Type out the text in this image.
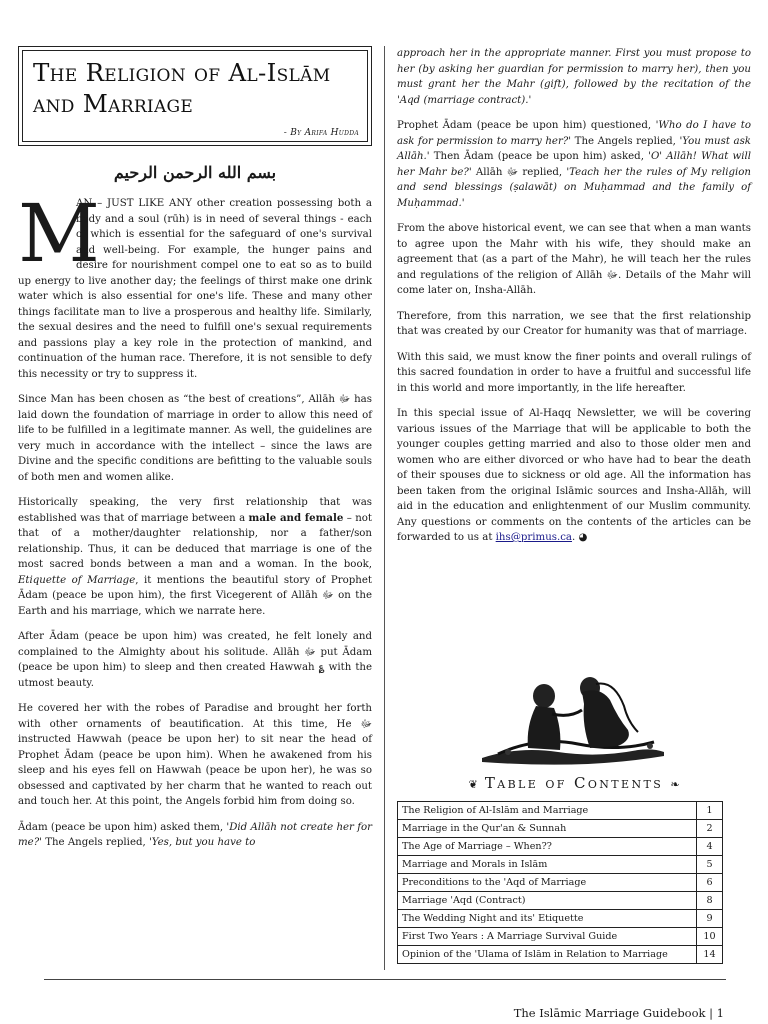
The Religion of Al-Islām and Marriage
- By Arifa Hudda
بسم الله الرحمن الرحيم
M
AN – JUST LIKE ANY other creation possessing both a body and a soul (rūh) is in need of several things - each of which is essential for the safeguard of one's survival and well-being. For example, the hunger pains and desire for nourishment compel one to eat so as to build up energy to live another day; the feelings of thirst make one drink water which is also essential for one's life. These and many other things facilitate man to live a prosperous and healthy life. Similarly, the sexual desires and the need to fulfill one's sexual requirements and passions play a key role in the protection of mankind, and continuation of the human race. Therefore, it is not sensible to defy this necessity or try to suppress it.
Since Man has been chosen as “the best of creations”, Allāh ﷻ has laid down the foundation of marriage in order to allow this need of life to be fulfilled in a legitimate manner. As well, the guidelines are very much in accordance with the intellect – since the laws are Divine and the specific conditions are befitting to the valuable souls of both men and women alike.
Historically speaking, the very first relationship that was established was that of marriage between a male and female – not that of a mother/daughter relationship, nor a father/son relationship. Thus, it can be deduced that marriage is one of the most sacred bonds between a man and a woman. In the book, Etiquette of Marriage, it mentions the beautiful story of Prophet Ādam (peace be upon him), the first Vicegerent of Allāh ﷻ on the Earth and his marriage, which we narrate here.
After Ādam (peace be upon him) was created, he felt lonely and complained to the Almighty about his solitude. Allāh ﷻ put Ādam (peace be upon him) to sleep and then created Hawwah ؏ with the utmost beauty.
He covered her with the robes of Paradise and brought her forth with other ornaments of beautification. At this time, He ﷻ instructed Hawwah (peace be upon her) to sit near the head of Prophet Ādam (peace be upon him). When he awakened from his sleep and his eyes fell on Hawwah (peace be upon her), he was so obsessed and captivated by her charm that he wanted to reach out and touch her. At this point, the Angels forbid him from doing so.
Ādam (peace be upon him) asked them, 'Did Allāh not create her for me?' The Angels replied, 'Yes, but you have to
approach her in the appropriate manner. First you must propose to her (by asking her guardian for permission to marry her), then you must grant her the Mahr (gift), followed by the recitation of the 'Aqd (marriage contract).'
Prophet Ādam (peace be upon him) questioned, 'Who do I have to ask for permission to marry her?' The Angels replied, 'You must ask Allāh.' Then Ādam (peace be upon him) asked, 'O' Allāh! What will her Mahr be?' Allāh ﷻ replied, 'Teach her the rules of My religion and send blessings (ṣalawāt) on Muḥammad and the family of Muḥammad.'
From the above historical event, we can see that when a man wants to agree upon the Mahr with his wife, they should make an agreement that (as a part of the Mahr), he will teach her the rules and regulations of the religion of Allāh ﷻ. Details of the Mahr will come later on, Insha-Allāh.
Therefore, from this narration, we see that the first relationship that was created by our Creator for humanity was that of marriage.
With this said, we must know the finer points and overall rulings of this sacred foundation in order to have a fruitful and successful life in this world and more importantly, in the life hereafter.
In this special issue of Al-Haqq Newsletter, we will be covering various issues of the Marriage that will be applicable to both the younger couples getting married and also to those older men and women who are either divorced or who have had to bear the death of their spouses due to sickness or old age. All the information has been taken from the original Islāmic sources and Insha-Allāh, will aid in the education and enlightenment of our Muslim community. Any questions or comments on the contents of the articles can be forwarded to us at ihs@primus.ca. ◕
❦ Table of Contents ❧
The Religion of Al-Islām and Marriage	1
Marriage in the Qur'an & Sunnah	2
The Age of Marriage – When??	4
Marriage and Morals in Islām	5
Preconditions to the 'Aqd of Marriage	6
Marriage 'Aqd (Contract)	8
The Wedding Night and its' Etiquette	9
First Two Years : A Marriage Survival Guide	10
Opinion of the 'Ulama of Islām in Relation to Marriage	14
The Islāmic Marriage Guidebook | 1
